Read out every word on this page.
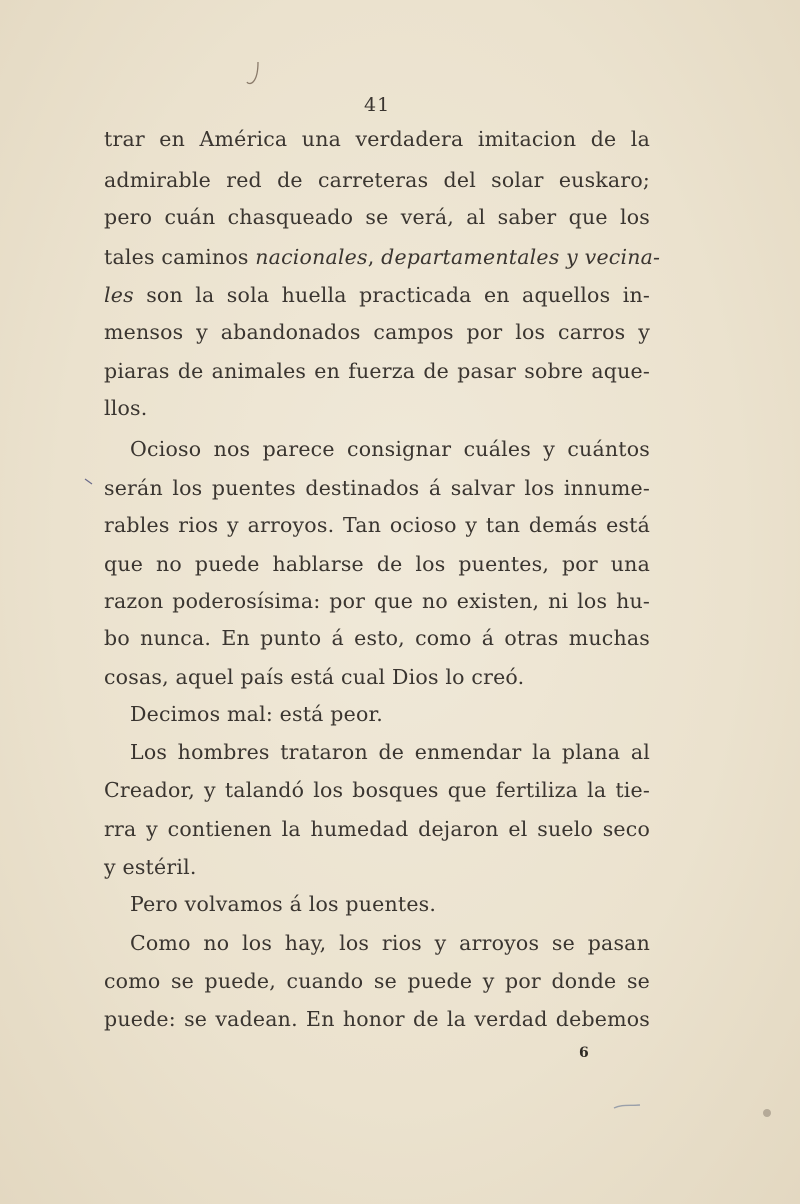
41
trar en América una verdadera imitacion de la
admirable red de carreteras del solar euskaro;
pero cuán chasqueado se verá, al saber que los
tales caminos nacionales, departamentales y vecina-
les son la sola huella practicada en aquellos in-
mensos y abandonados campos por los carros y
piaras de animales en fuerza de pasar sobre aque-
llos.
Ocioso nos parece consignar cuáles y cuántos
serán los puentes destinados á salvar los innume-
rables rios y arroyos. Tan ocioso y tan demás está
que no puede hablarse de los puentes, por una
razon poderosísima: por que no existen, ni los hu-
bo nunca. En punto á esto, como á otras muchas
cosas, aquel país está cual Dios lo creó.
Decimos mal: está peor.
Los hombres trataron de enmendar la plana al
Creador, y talandó los bosques que fertiliza la tie-
rra y contienen la humedad dejaron el suelo seco
y estéril.
Pero volvamos á los puentes.
Como no los hay, los rios y arroyos se pasan
como se puede, cuando se puede y por donde se
puede: se vadean. En honor de la verdad debemos
6
